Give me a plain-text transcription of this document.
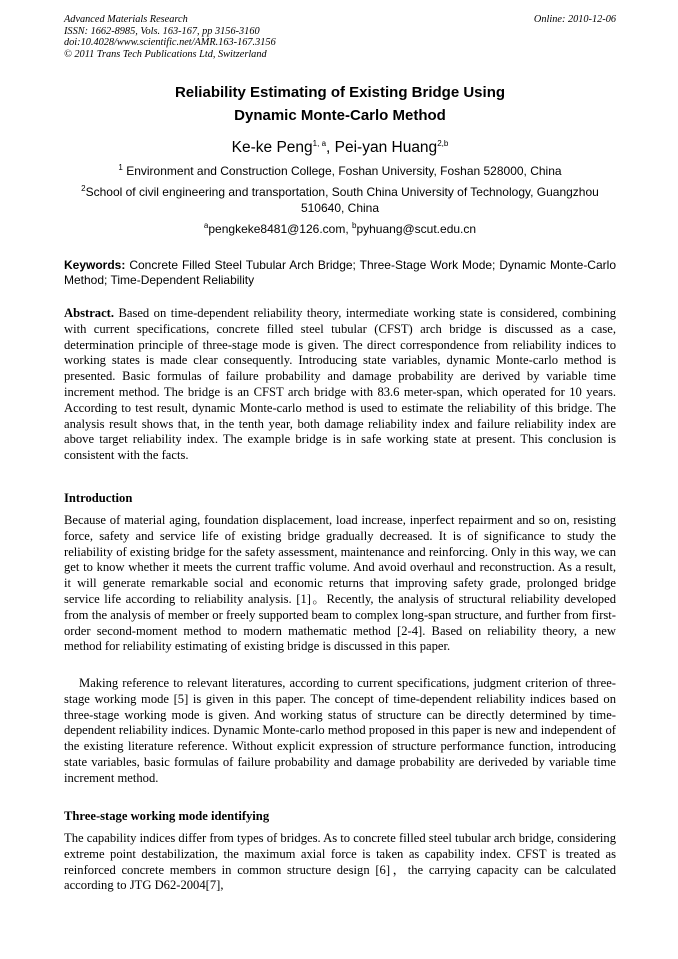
Advanced Materials Research
ISSN: 1662-8985, Vols. 163-167, pp 3156-3160
doi:10.4028/www.scientific.net/AMR.163-167.3156
© 2011 Trans Tech Publications Ltd, Switzerland
Online: 2010-12-06
Reliability Estimating of Existing Bridge Using
Dynamic Monte-Carlo Method
Ke-ke Peng$^{1, a}$, Pei-yan Huang$^{2,b}$
$^1$ Environment and Construction College, Foshan University, Foshan 528000, China
$^2$School of civil engineering and transportation, South China University of Technology, Guangzhou 510640, China
$^a$pengkeke8481@126.com, $^b$pyhuang@scut.edu.cn
Keywords: Concrete Filled Steel Tubular Arch Bridge; Three-Stage Work Mode; Dynamic Monte-Carlo Method; Time-Dependent Reliability

Abstract. Based on time-dependent reliability theory, intermediate working state is considered, combining with current specifications, concrete filled steel tubular (CFST) arch bridge is discussed as a case, determination principle of three-stage mode is given. The direct correspondence from reliability indices to working states is made clear consequently. Introducing state variables, dynamic Monte-carlo method is presented. Basic formulas of failure probability and damage probability are derived by variable time increment method. The bridge is an CFST arch bridge with 83.6 meter-span, which operated for 10 years. According to test result, dynamic Monte-carlo method is used to estimate the reliability of this bridge. The analysis result shows that, in the tenth year, both damage reliability index and failure reliability index are above target reliability index. The example bridge is in safe working state at present. This conclusion is consistent with the facts.

Introduction

Because of material aging, foundation displacement, load increase, inperfect repairment and so on, resisting force, safety and service life of existing bridge gradually decreased. It is of significance to study the reliability of existing bridge for the safety assessment, maintenance and reinforcing. Only in this way, we can get to know whether it meets the current traffic volume. And avoid overhaul and reconstruction. As a result, it will generate remarkable social and economic returns that improving safety grade, prolonged bridge service life according to reliability analysis. [1]。Recently, the analysis of structural reliability developed from the analysis of member or freely supported beam to complex long-span structure, and further from first-order second-moment method to modern mathematic method [2-4]. Based on reliability theory, a new method for reliability estimating of existing bridge is discussed in this paper.

Making reference to relevant literatures, according to current specifications, judgment criterion of three-stage working mode [5] is given in this paper. The concept of time-dependent reliability indices based on three-stage working mode is given. And working status of structure can be directly determined by time-dependent reliability indices. Dynamic Monte-carlo method proposed in this paper is new and independent of the existing literature reference. Without explicit expression of structure performance function, introducing state variables, basic formulas of failure probability and damage probability are deriveded by variable time increment method.

Three-stage working mode identifying

The capability indices differ from types of bridges. As to concrete filled steel tubular arch bridge, considering extreme point destabilization, the maximum axial force is taken as capability index. CFST is treated as reinforced concrete members in common structure design [6]，the carrying capacity can be calculated according to JTG D62-2004[7],
